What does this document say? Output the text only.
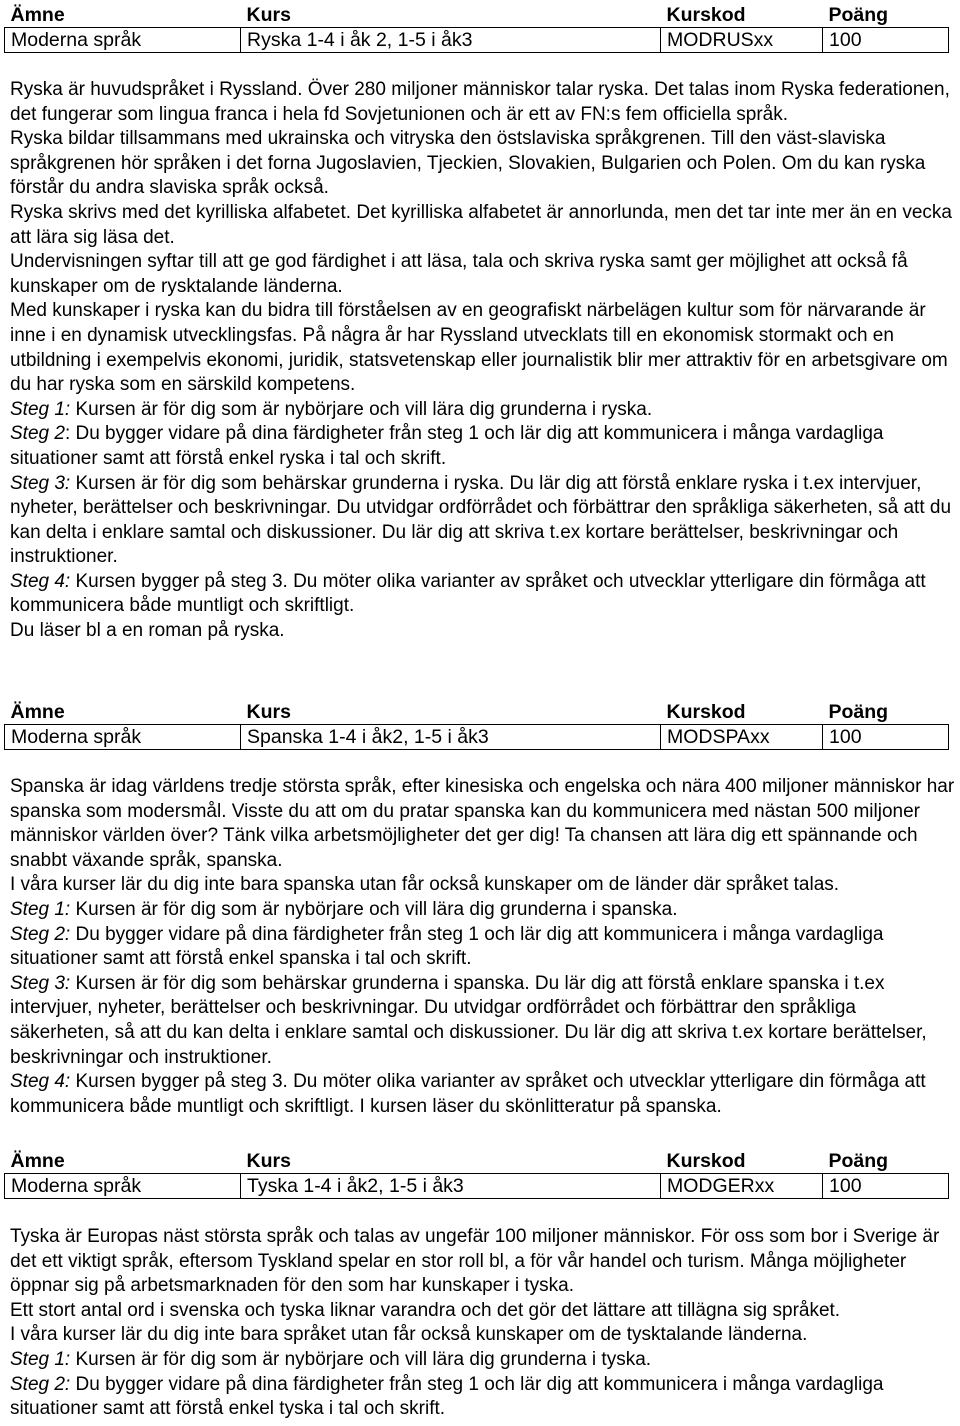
Ämne	Kurs	Kurskod	Poäng
Moderna språk	Ryska 1-4 i åk 2, 1-5 i åk3	MODRUSxx	100

Ryska är huvudspråket i Ryssland. Över 280 miljoner människor talar ryska. Det talas inom Ryska federationen, det fungerar som lingua franca i hela fd Sovjetunionen och är ett av FN:s fem officiella språk.

Ryska bildar tillsammans med ukrainska och vitryska den östslaviska språkgrenen. Till den väst-slaviska språkgrenen hör språken i det forna Jugoslavien, Tjeckien, Slovakien, Bulgarien och Polen. Om du kan ryska förstår du andra slaviska språk också.

Ryska skrivs med det kyrilliska alfabetet. Det kyrilliska alfabetet är annorlunda, men det tar inte mer än en vecka att lära sig läsa det.

Undervisningen syftar till att ge god färdighet i att läsa, tala och skriva ryska samt ger möjlighet att också få kunskaper om de rysktalande länderna.

Med kunskaper i ryska kan du bidra till förståelsen av en geografiskt närbelägen kultur som för närvarande är inne i en dynamisk utvecklingsfas. På några år har Ryssland utvecklats till en ekonomisk stormakt och en utbildning i exempelvis ekonomi, juridik, statsvetenskap eller journalistik blir mer attraktiv för en arbetsgivare om du har ryska som en särskild kompetens.

Steg 1: Kursen är för dig som är nybörjare och vill lära dig grunderna i ryska.

Steg 2: Du bygger vidare på dina färdigheter från steg 1 och lär dig att kommunicera i många vardagliga situationer samt att förstå enkel ryska i tal och skrift.

Steg 3: Kursen är för dig som behärskar grunderna i ryska. Du lär dig att förstå enklare ryska i t.ex intervjuer, nyheter, berättelser och beskrivningar. Du utvidgar ordförrådet och förbättrar den språkliga säkerheten, så att du kan delta i enklare samtal och diskussioner. Du lär dig att skriva t.ex kortare berättelser, beskrivningar och instruktioner.

Steg 4: Kursen bygger på steg 3. Du möter olika varianter av språket och utvecklar ytterligare din förmåga att kommunicera både muntligt och skriftligt.

Du läser bl a en roman på ryska.

Ämne	Kurs	Kurskod	Poäng
Moderna språk	Spanska 1-4 i åk2, 1-5 i åk3	MODSPAxx	100

Spanska är idag världens tredje största språk, efter kinesiska och engelska och nära 400 miljoner människor har spanska som modersmål. Visste du att om du pratar spanska kan du kommunicera med nästan 500 miljoner människor världen över? Tänk vilka arbetsmöjligheter det ger dig! Ta chansen att lära dig ett spännande och snabbt växande språk, spanska.

I våra kurser lär du dig inte bara spanska utan får också kunskaper om de länder där språket talas.

Steg 1: Kursen är för dig som är nybörjare och vill lära dig grunderna i spanska.

Steg 2: Du bygger vidare på dina färdigheter från steg 1 och lär dig att kommunicera i många vardagliga situationer samt att förstå enkel spanska i tal och skrift.

Steg 3: Kursen är för dig som behärskar grunderna i spanska. Du lär dig att förstå enklare spanska i t.ex intervjuer, nyheter, berättelser och beskrivningar. Du utvidgar ordförrådet och förbättrar den språkliga säkerheten, så att du kan delta i enklare samtal och diskussioner. Du lär dig att skriva t.ex kortare berättelser, beskrivningar och instruktioner.

Steg 4: Kursen bygger på steg 3. Du möter olika varianter av språket och utvecklar ytterligare din förmåga att kommunicera både muntligt och skriftligt. I kursen läser du skönlitteratur på spanska.

Ämne	Kurs	Kurskod	Poäng
Moderna språk	Tyska 1-4 i åk2, 1-5 i åk3	MODGERxx	100

Tyska är Europas näst största språk och talas av ungefär 100 miljoner människor. För oss som bor i Sverige är det ett viktigt språk, eftersom Tyskland spelar en stor roll bl, a för vår handel och turism. Många möjligheter öppnar sig på arbetsmarknaden för den som har kunskaper i tyska.

Ett stort antal ord i svenska och tyska liknar varandra och det gör det lättare att tillägna sig språket.

I våra kurser lär du dig inte bara språket utan får också kunskaper om de tysktalande länderna.

Steg 1: Kursen är för dig som är nybörjare och vill lära dig grunderna i tyska.

Steg 2: Du bygger vidare på dina färdigheter från steg 1 och lär dig att kommunicera i många vardagliga situationer samt att förstå enkel tyska i tal och skrift.
